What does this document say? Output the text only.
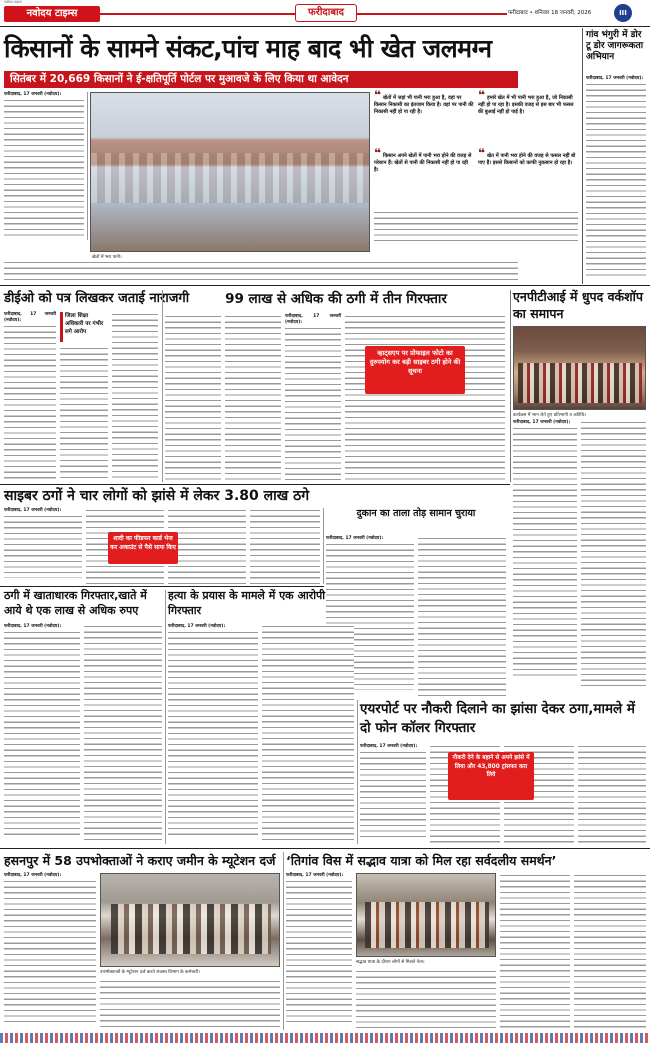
नवोदय टाइम्स
नवोदय टाइम्स
फरीदाबाद	फरीदाबाद • शनिवार 18 जनवरी, 2026	III
किसानों के सामने संकट,पांच माह बाद भी खेत जलमग्न
सितंबर में 20,669 किसानों ने ई-क्षतिपूर्ति पोर्टल पर मुआवजे के लिए किया था आवेदन
फरीदाबाद, 17 जनवरी (नवोदय):
खेतों में भरा पानी।
❝ खेतों में जहां भी पानी भरा हुआ है, वहां पर किसान निकासी का इंतजाम किया है। वहां पर पानी की निकासी नहीं हो पा रही है।
❝ हमारे खेत में भी पानी भरा हुआ है, जो निकासी नहीं हो पा रहा है। इसकी वजह से इस बार भी फसल की बुआई नहीं हो पाई है।
❝ किसान अपने खेतों में पानी भरा होने की वजह से परेशान हैं। खेतों से पानी की निकासी नहीं हो पा रही है।
❝ खेत में पानी भरा होने की वजह से फसल नहीं बो पाए हैं। इससे किसानों को काफी नुकसान हो रहा है।
गांव भंगुरी में डोर टू डोर जागरूकता अभियान
फरीदाबाद, 17 जनवरी (नवोदय):
डीईओ को पत्र लिखकर जताई नाराजगी
फरीदाबाद, 17 जनवरी (नवोदय):
जिला शिक्षा अधिकारी पर गंभीर लगे आरोप
99 लाख से अधिक की ठगी में तीन गिरफ्तार
फरीदाबाद, 17 जनवरी (नवोदय):
व्हाट्सएप पर प्रोफाइल फोटो का दुरुपयोग कर बड़ी साइबर ठगी होने की सूचना
एनपीटीआई में धुपद वर्कशॉप का समापन
कार्यक्रम में भाग लेते हुए प्रतिभागी व अतिथि।
फरीदाबाद, 17 जनवरी (नवोदय):
साइबर ठगों ने चार लोगों को झांसे में लेकर 3.80 लाख ठगे
फरीदाबाद, 17 जनवरी (नवोदय):
शादी का फीडफर कार्ड भेज कर अकाउंट से पैसे साफ किए
दुकान का ताला तोड़ सामान चुराया
फरीदाबाद, 17 जनवरी (नवोदय):
ठगी में खाताधारक गिरफ्तार,खाते में आये थे एक लाख से अधिक रुपए
फरीदाबाद, 17 जनवरी (नवोदय):
हत्या के प्रयास के मामले में एक आरोपी गिरफ्तार
फरीदाबाद, 17 जनवरी (नवोदय):
एयरपोर्ट पर नौकरी दिलाने का झांसा देकर ठगा,मामले में दो फोन कॉलर गिरफ्तार
फरीदाबाद, 17 जनवरी (नवोदय):
नौकरी देने के बहाने से अपने झांसे में लिया और 43,800 ट्रांसफर करा लिये
हसनपुर में 58 उपभोक्ताओं ने कराए जमीन के म्यूटेशन दर्ज
फरीदाबाद, 17 जनवरी (नवोदय):
उपभोक्ताओं के म्यूटेशन दर्ज करते राजस्व विभाग के कर्मचारी।
‘तिगांव विस में सद्भाव यात्रा को मिल रहा सर्वदलीय समर्थन’
फरीदाबाद, 17 जनवरी (नवोदय):
सद्भाव यात्रा के दौरान लोगों से मिलते नेता।
